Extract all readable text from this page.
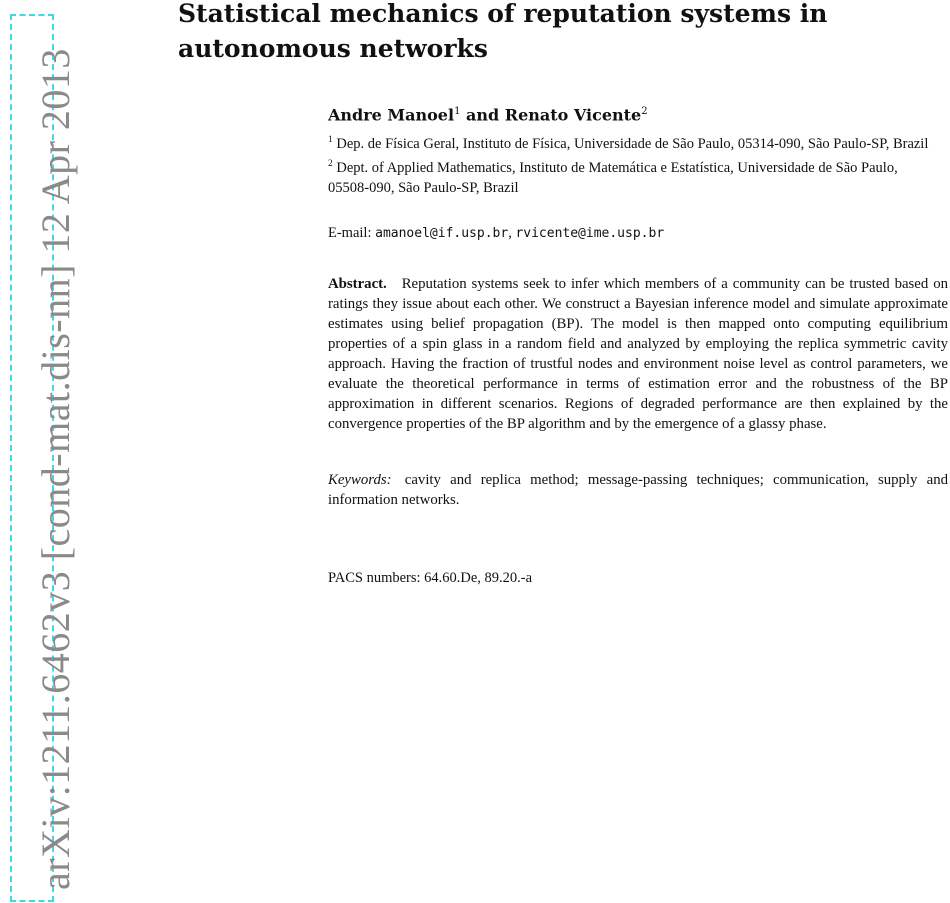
arXiv:1211.6462v3 [cond-mat.dis-nn] 12 Apr 2013
Statistical mechanics of reputation systems in autonomous networks
Andre Manoel$^1$ and Renato Vicente$^2$
$^1$ Dep. de Física Geral, Instituto de Física, Universidade de São Paulo, 05314-090, São Paulo-SP, Brazil
$^2$ Dept. of Applied Mathematics, Instituto de Matemática e Estatística, Universidade de São Paulo, 05508-090, São Paulo-SP, Brazil
E-mail: amanoel@if.usp.br, rvicente@ime.usp.br
Abstract. Reputation systems seek to infer which members of a community can be trusted based on ratings they issue about each other. We construct a Bayesian inference model and simulate approximate estimates using belief propagation (BP). The model is then mapped onto computing equilibrium properties of a spin glass in a random field and analyzed by employing the replica symmetric cavity approach. Having the fraction of trustful nodes and environment noise level as control parameters, we evaluate the theoretical performance in terms of estimation error and the robustness of the BP approximation in different scenarios. Regions of degraded performance are then explained by the convergence properties of the BP algorithm and by the emergence of a glassy phase.
Keywords: cavity and replica method; message-passing techniques; communication, supply and information networks.
PACS numbers: 64.60.De, 89.20.-a
